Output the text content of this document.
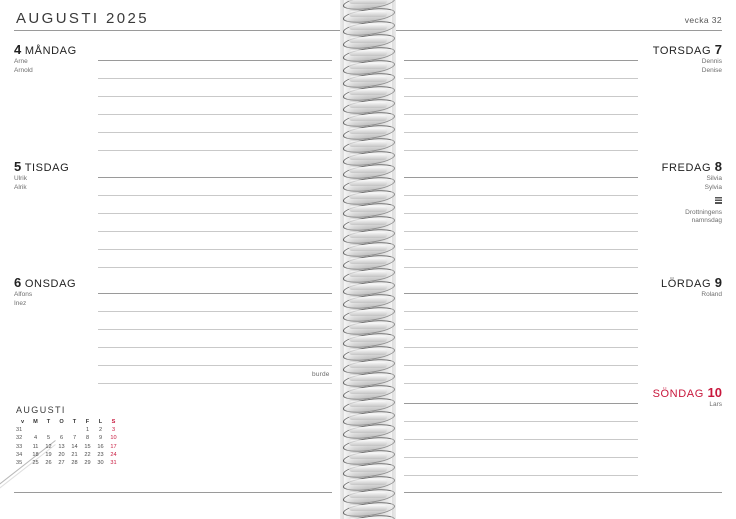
AUGUSTI 2025	vecka 32
4 MÅNDAG
Arne
Arnold
5 TISDAG
Ulrik
Alrik
6 ONSDAG
Alfons
Inez
burde
AUGUSTI
v	M	T	O	T	F	L	S
31					1	2	3
32	4	5	6	7	8	9	10
33	11	12	13	14	15	16	17
34	18	19	20	21	22	23	24
35	25	26	27	28	29	30	31
TORSDAG 7
Dennis
Denise
FREDAG 8
Silvia
Sylvia
Drottningens
namnsdag
LÖRDAG 9
Roland
SÖNDAG 10
Lars
